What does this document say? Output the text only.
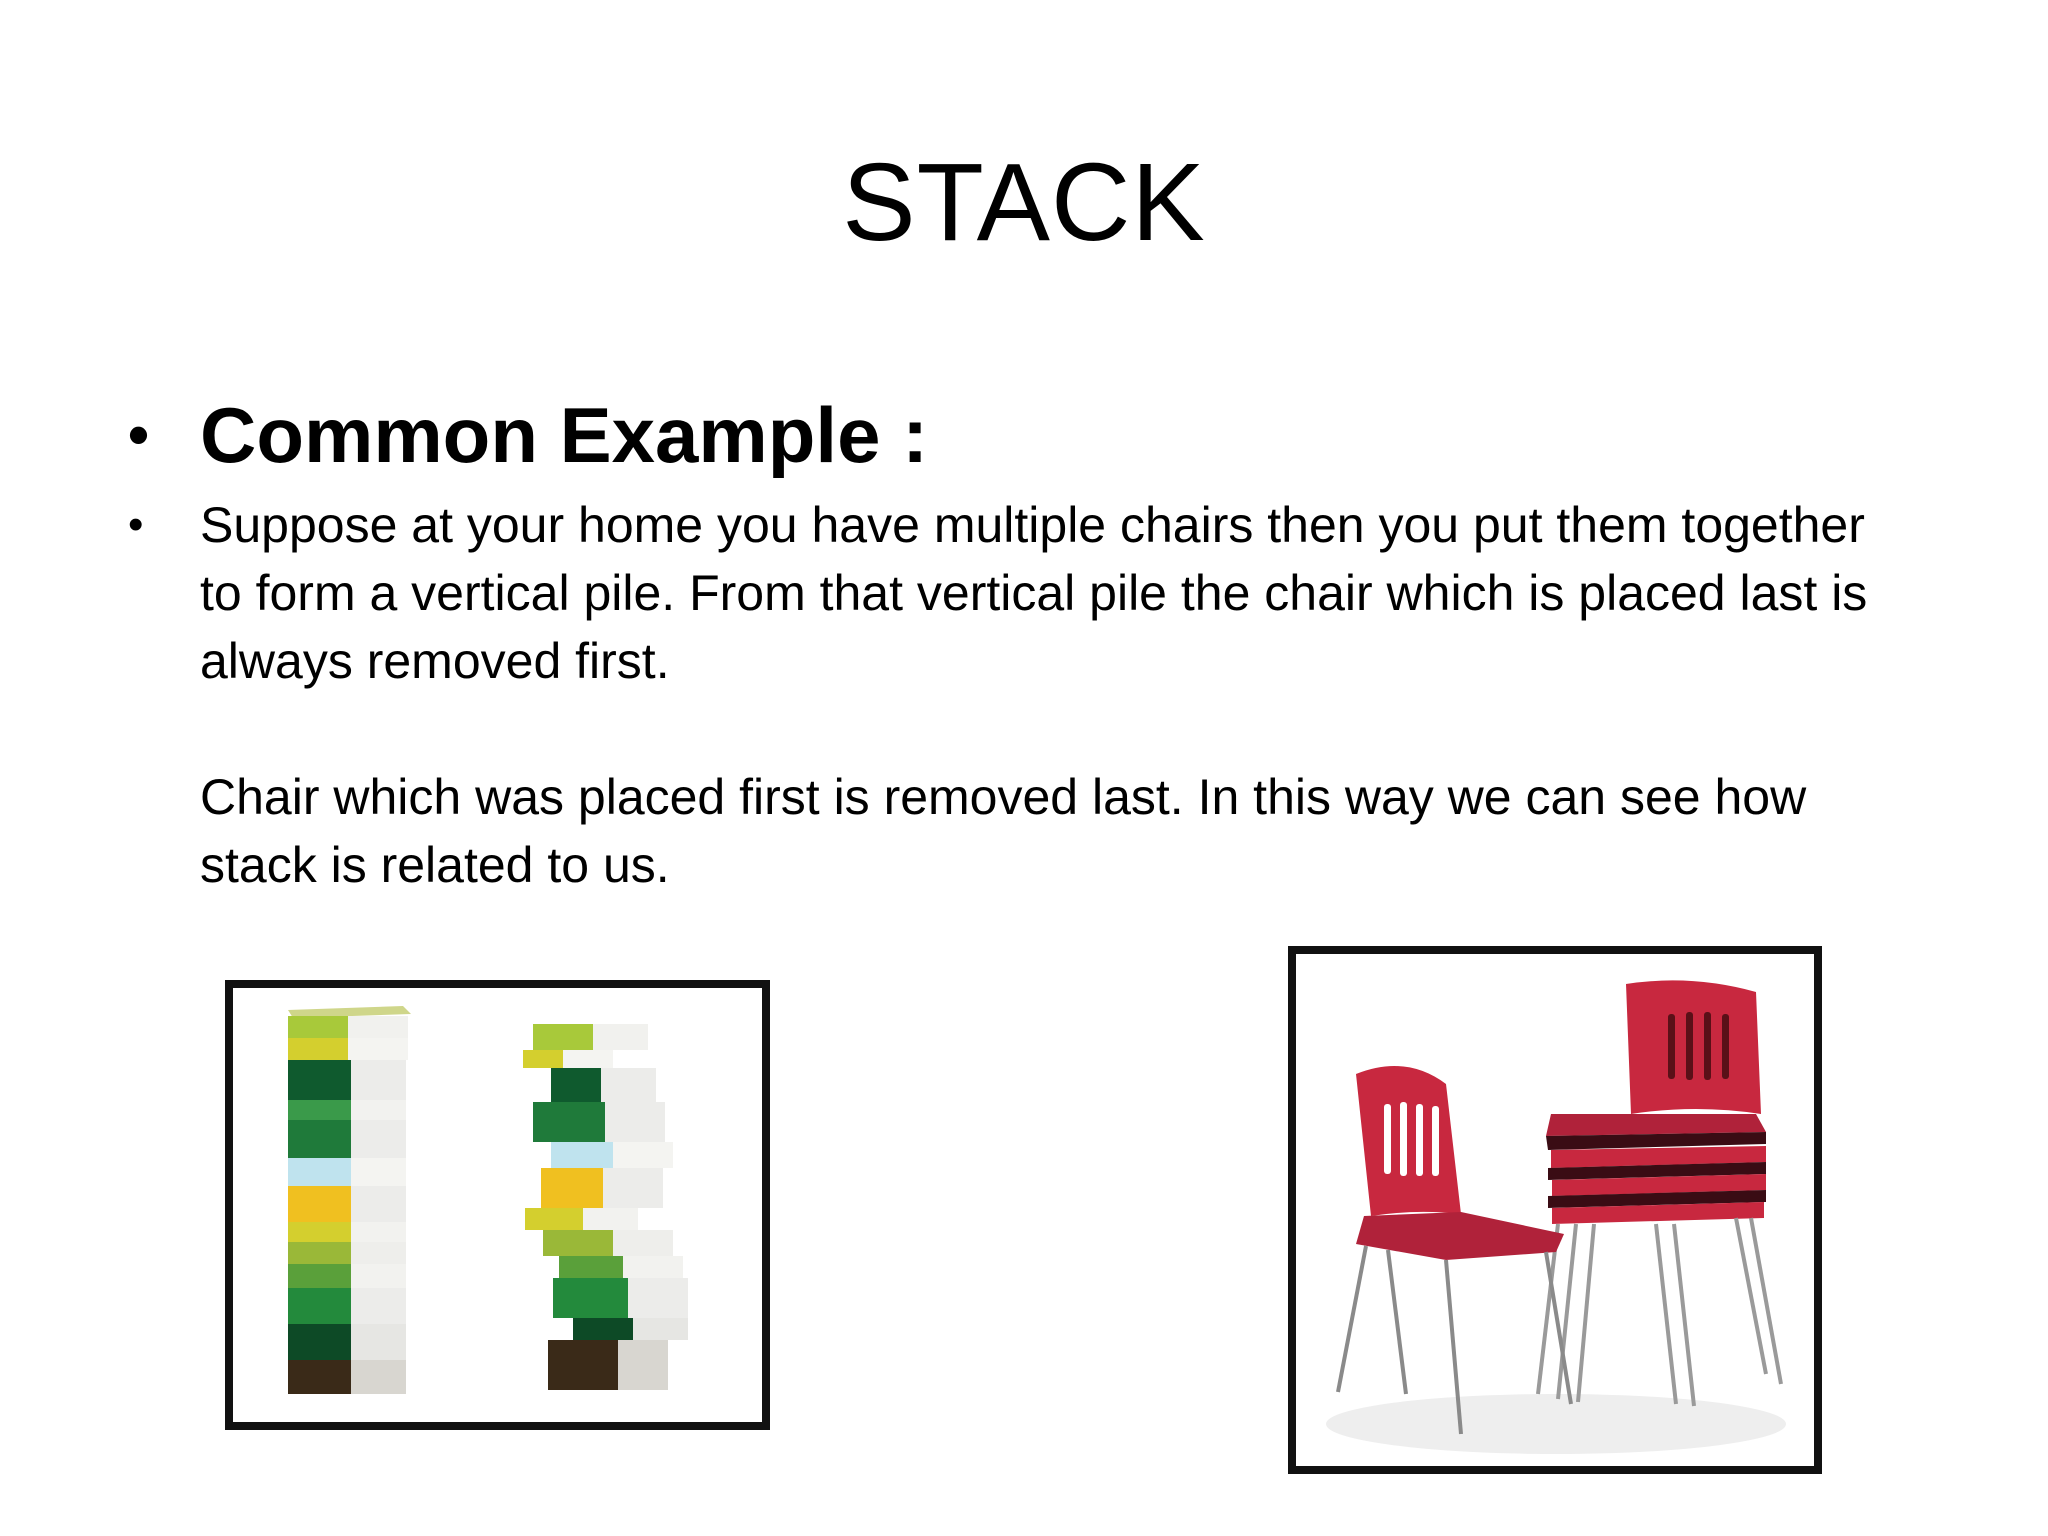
STACK
• Common Example :
• Suppose at your home you have multiple chairs then you put them together to form a vertical pile. From that vertical pile the chair which is placed last is always removed first.
Chair which was placed first is removed last. In this way we can see how stack is related to us.
